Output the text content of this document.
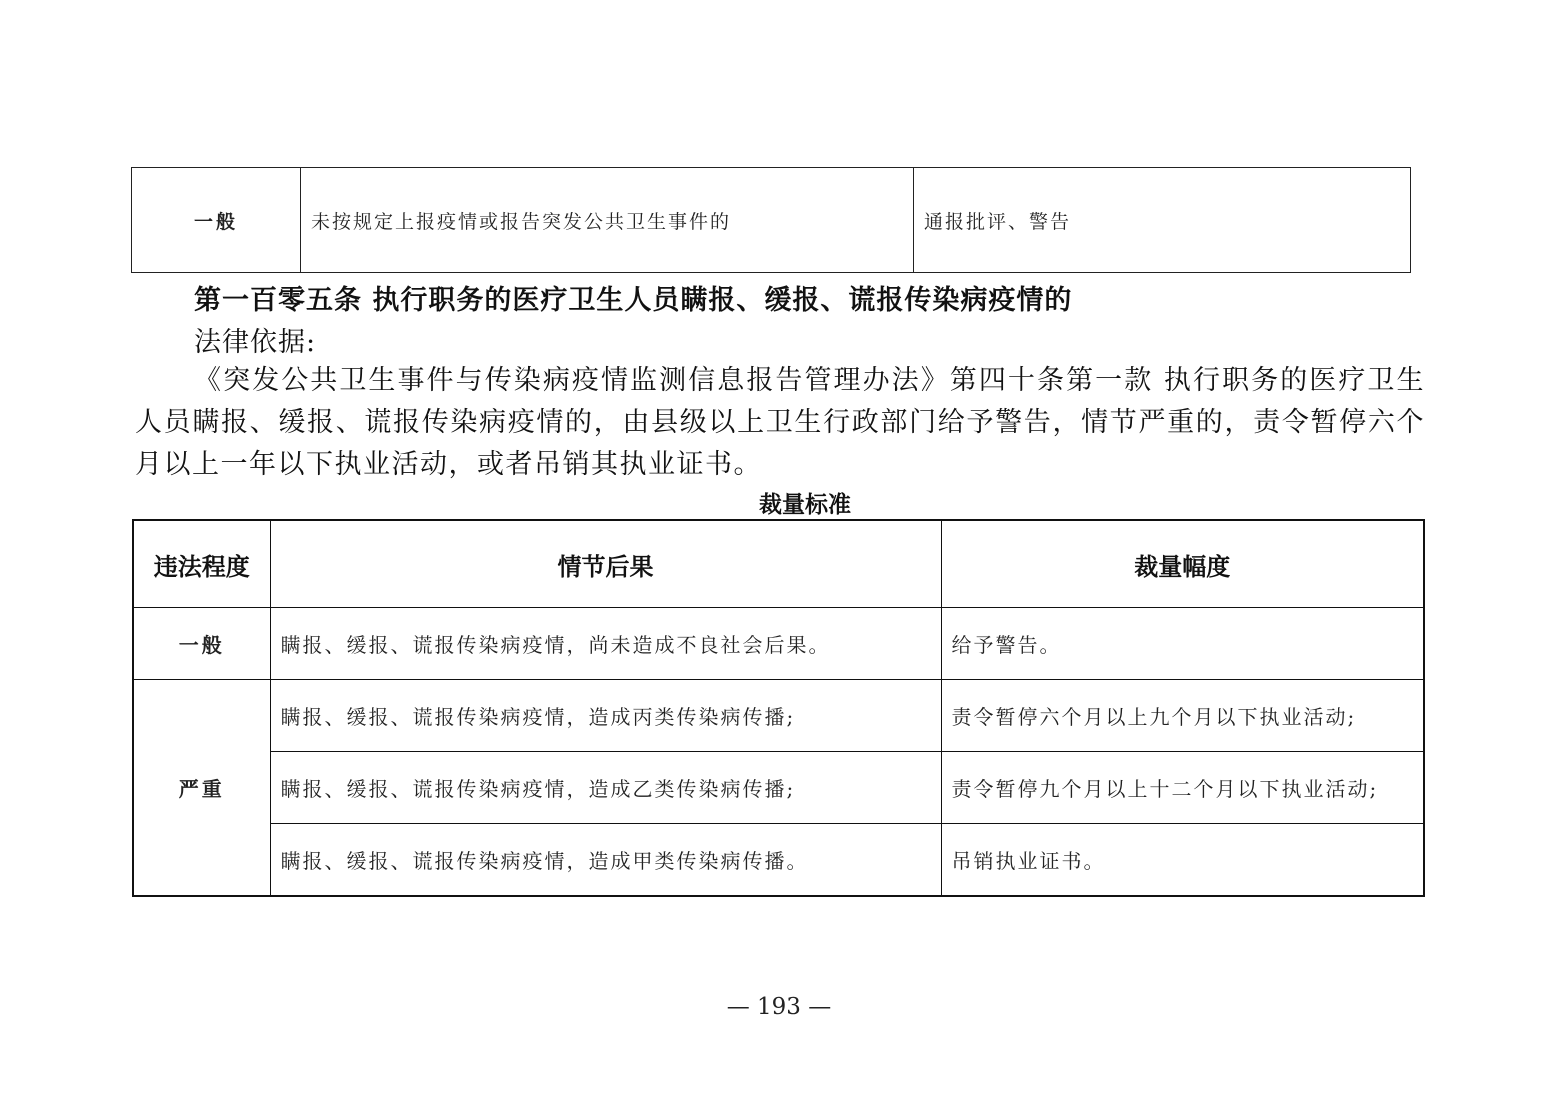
一般	未按规定上报疫情或报告突发公共卫生事件的	通报批评、警告
第一百零五条 执行职务的医疗卫生人员瞒报、缓报、谎报传染病疫情的
法律依据:
《突发公共卫生事件与传染病疫情监测信息报告管理办法》第四十条第一款 执行职务的医疗卫生人员瞒报、缓报、谎报传染病疫情的，由县级以上卫生行政部门给予警告，情节严重的，责令暂停六个月以上一年以下执业活动，或者吊销其执业证书。
裁量标准
违法程度	情节后果	裁量幅度
一般	瞒报、缓报、谎报传染病疫情，尚未造成不良社会后果。	给予警告。
严重	瞒报、缓报、谎报传染病疫情，造成丙类传染病传播;	责令暂停六个月以上九个月以下执业活动;
	瞒报、缓报、谎报传染病疫情，造成乙类传染病传播;	责令暂停九个月以上十二个月以下执业活动;
	瞒报、缓报、谎报传染病疫情，造成甲类传染病传播。	吊销执业证书。
— 193 —
